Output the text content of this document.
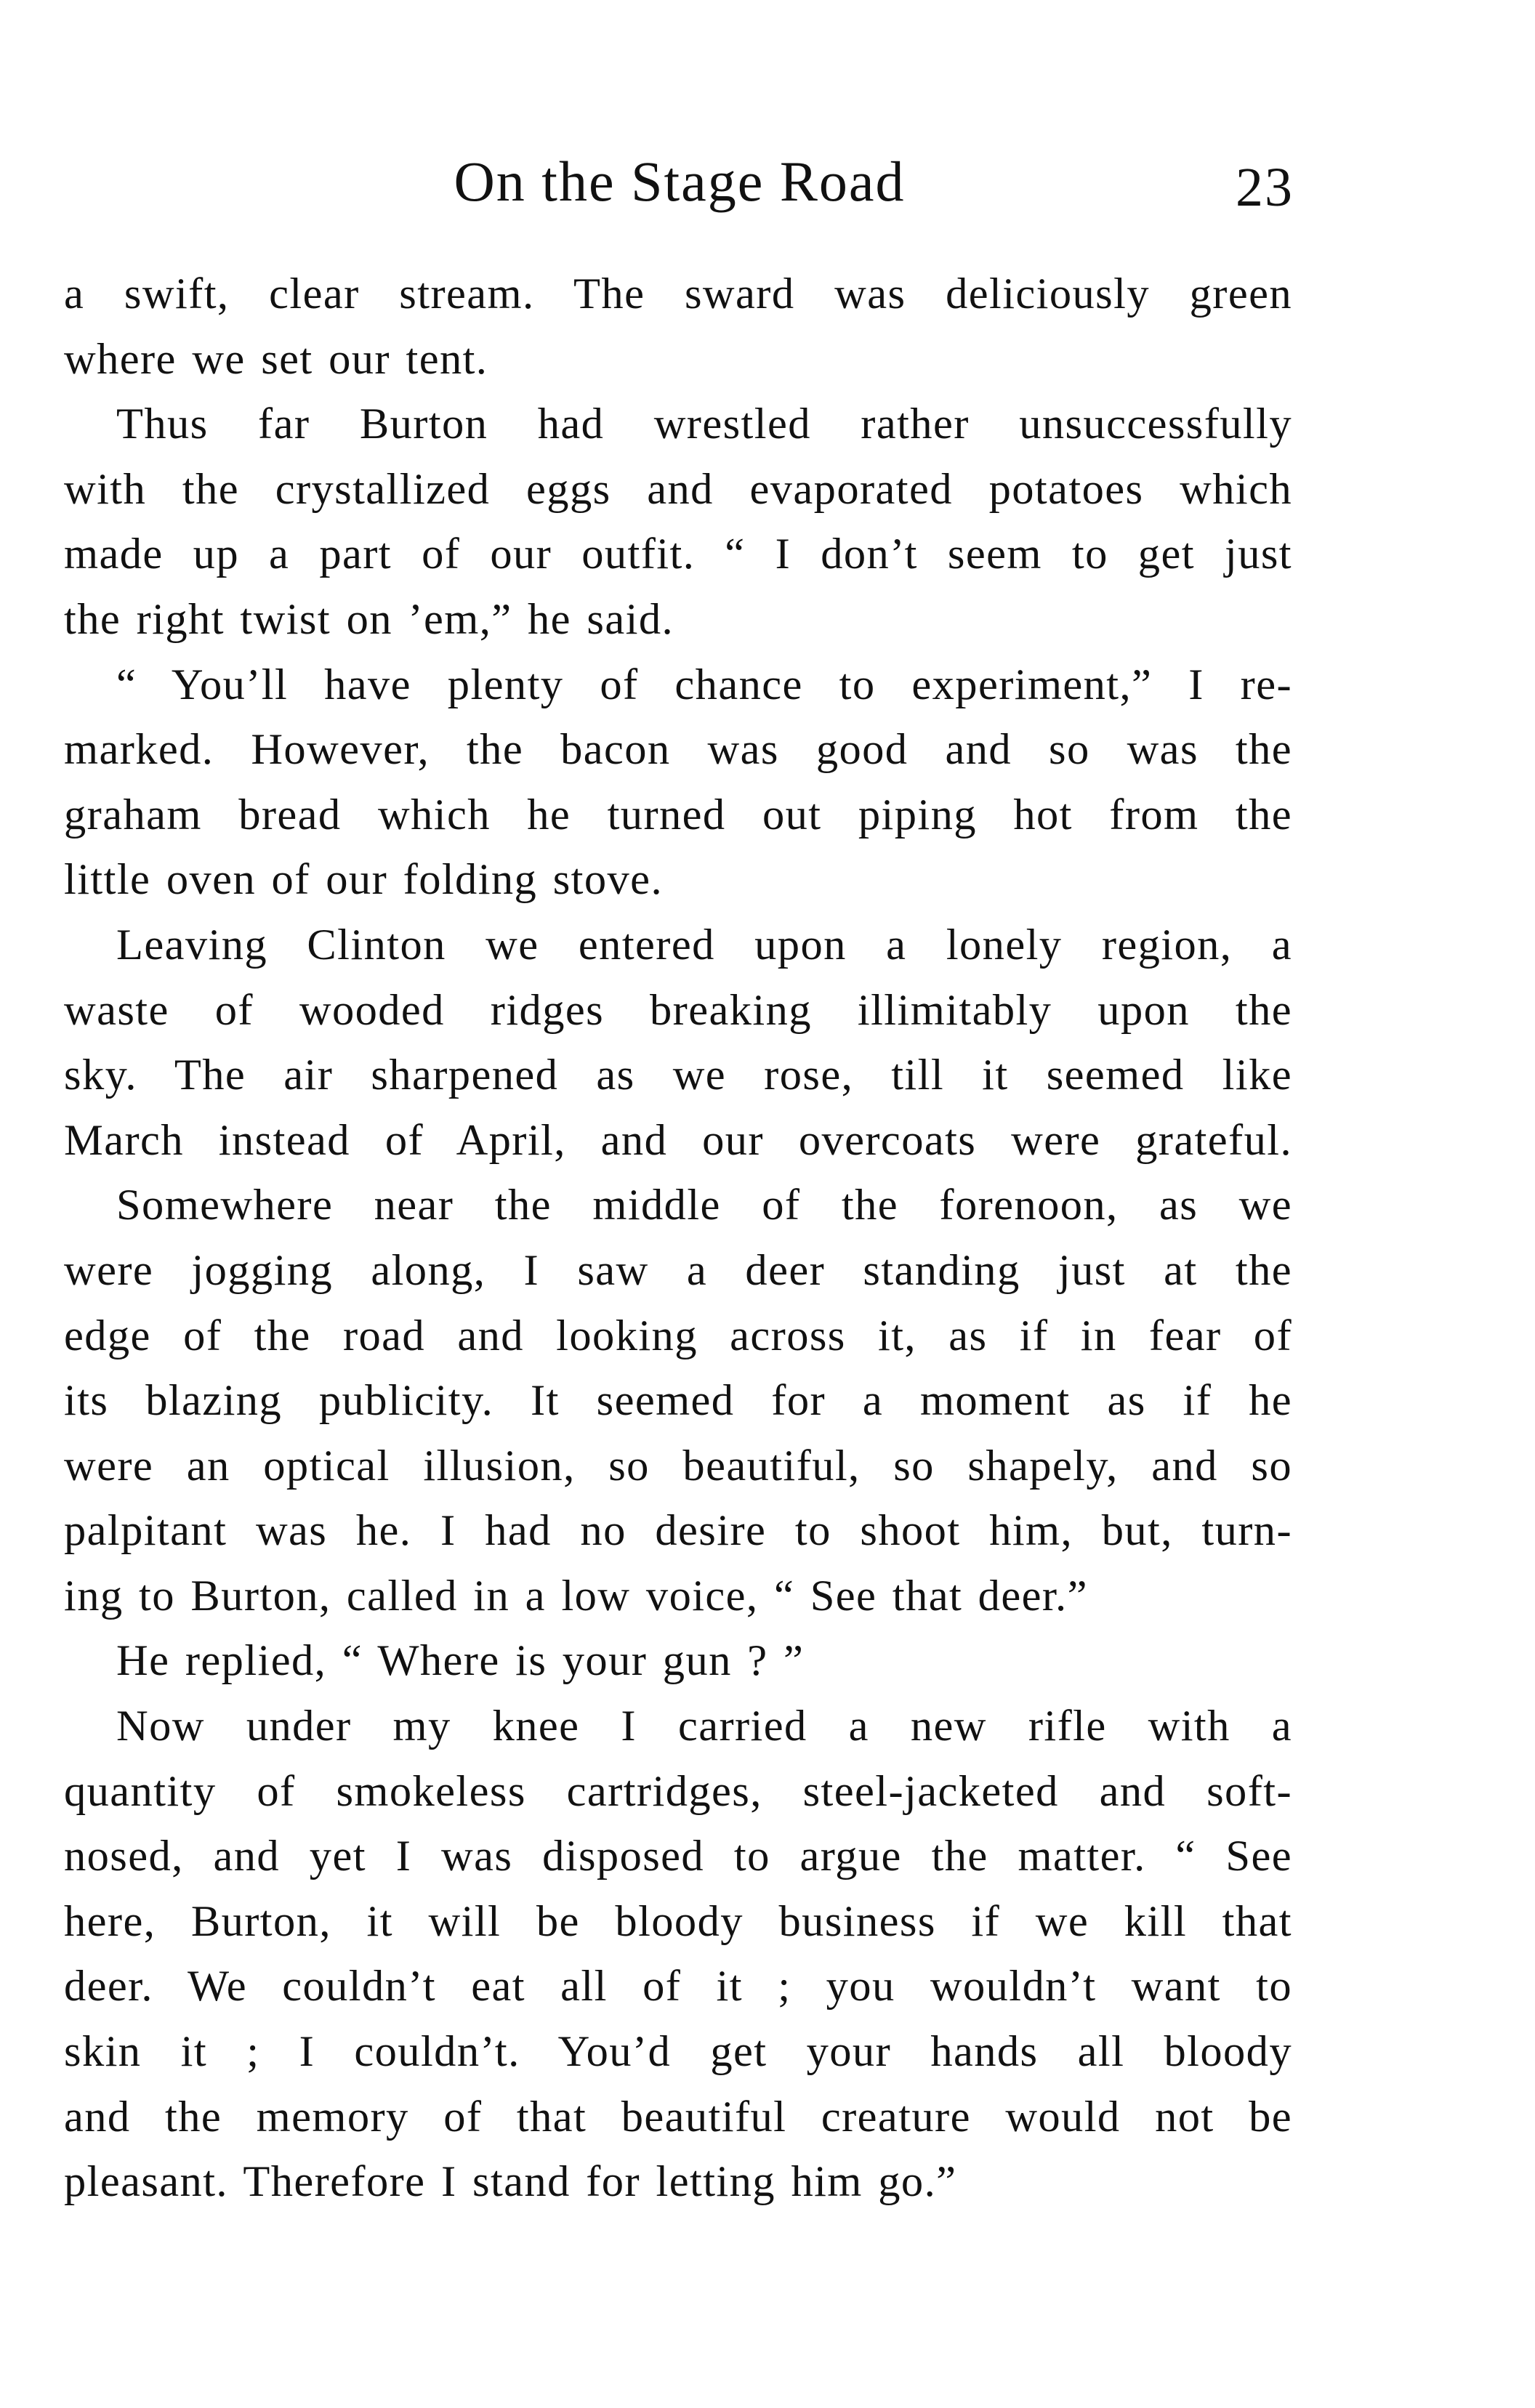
On the Stage Road	23
a swift, clear stream. The sward was deliciously green
where we set our tent.
Thus far Burton had wrestled rather unsuccessfully
with the crystallized eggs and evaporated potatoes which
made up a part of our outfit. “ I don’t seem to get just
the right twist on ’em,” he said.
“ You’ll have plenty of chance to experiment,” I re-
marked. However, the bacon was good and so was the
graham bread which he turned out piping hot from the
little oven of our folding stove.
Leaving Clinton we entered upon a lonely region, a
waste of wooded ridges breaking illimitably upon the
sky. The air sharpened as we rose, till it seemed like
March instead of April, and our overcoats were grateful.
Somewhere near the middle of the forenoon, as we
were jogging along, I saw a deer standing just at the
edge of the road and looking across it, as if in fear of
its blazing publicity. It seemed for a moment as if he
were an optical illusion, so beautiful, so shapely, and so
palpitant was he. I had no desire to shoot him, but, turn-
ing to Burton, called in a low voice, “ See that deer.”
He replied, “ Where is your gun ? ”
Now under my knee I carried a new rifle with a
quantity of smokeless cartridges, steel-jacketed and soft-
nosed, and yet I was disposed to argue the matter. “ See
here, Burton, it will be bloody business if we kill that
deer. We couldn’t eat all of it ; you wouldn’t want to
skin it ; I couldn’t. You’d get your hands all bloody
and the memory of that beautiful creature would not be
pleasant. Therefore I stand for letting him go.”
